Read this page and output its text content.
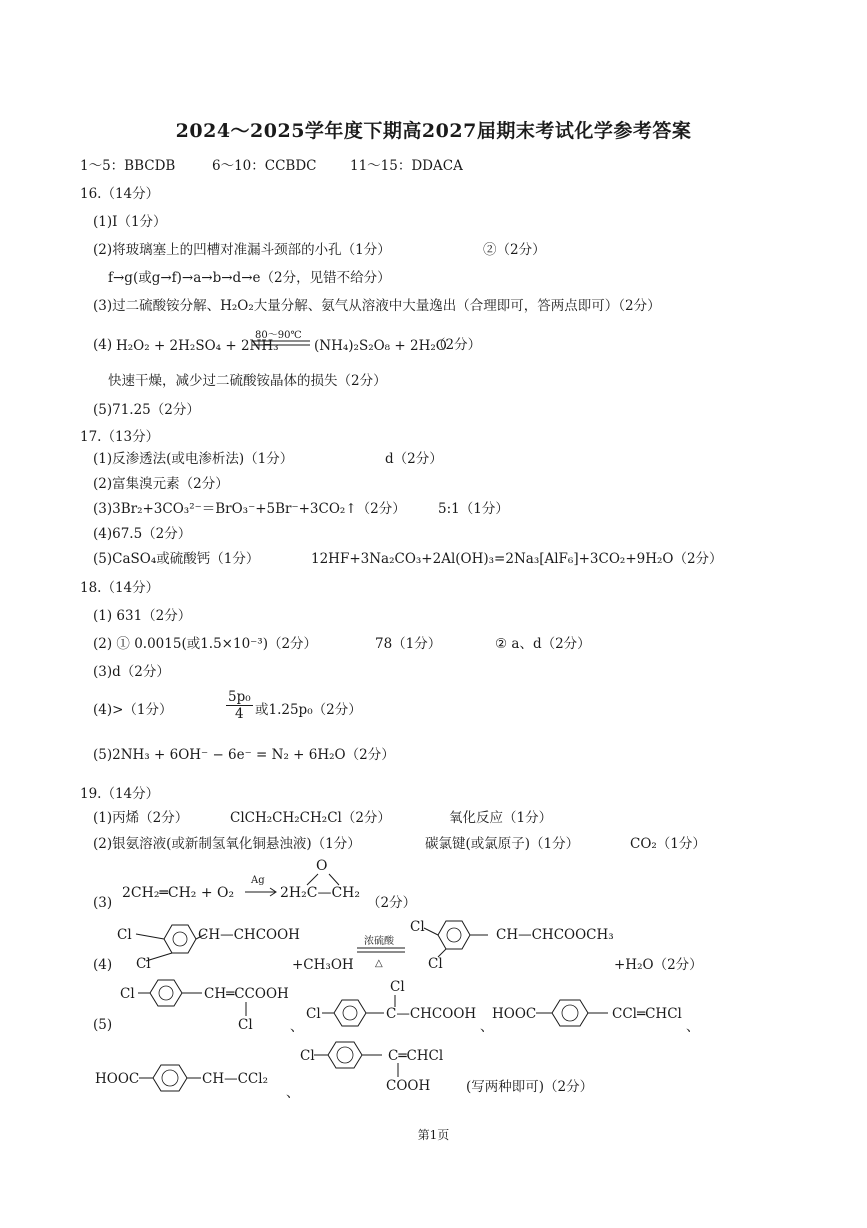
2024～2025学年度下期高2027届期末考试化学参考答案
1～5：BBCDB	6～10：CCBDC 11～15：DDACA
16.（14分）
(1)Ⅰ（1分）
(2)将玻璃塞上的凹槽对准漏斗颈部的小孔（1分）	②（2分）
f→g(或g→f)→a→b→d→e（2分，见错不给分）
(3)过二硫酸铵分解、H₂O₂大量分解、氨气从溶液中大量逸出（合理即可，答两点即可）（2分）
(4) H₂O₂ + 2H₂SO₄ + 2NH₃
80～90℃
(NH₄)₂S₂O₈ + 2H₂O
（2分）
快速干燥，减少过二硫酸铵晶体的损失（2分）
(5)71.25（2分）
17.（13分）
(1)反渗透法(或电渗析法)（1分）	d（2分）
(2)富集溴元素（2分）
(3)3Br₂+3CO₃²⁻＝BrO₃⁻+5Br⁻+3CO₂↑（2分） 5:1（1分）
(4)67.5（2分）
(5)CaSO₄或硫酸钙（1分）	12HF+3Na₂CO₃+2Al(OH)₃=2Na₃[AlF₆]+3CO₂+9H₂O（2分）
18.（14分）
(1) 631（2分）
(2) ① 0.0015(或1.5×10⁻³)（2分）	78（1分）	② a、d（2分）
(3)d（2分）
(4)>（1分）	$\frac{\text{5p₀}}{4}$ 或1.25p₀（2分）
(5)2NH₃ + 6OH⁻ − 6e⁻ = N₂ + 6H₂O（2分）
19.（14分）
(1)丙烯（2分）	ClCH₂CH₂CH₂Cl（2分）	氧化反应（1分）
(2)银氨溶液(或新制氢氧化铜悬浊液)（1分）	碳氯键(或氯原子)（1分）	CO₂（1分）
(3)
2CH₂═CH₂ + O₂
Ag
→ 2H₂C—CH₂
O
（2分）
(4)
Cl
Cl
CH—CHCOOH
+CH₃OH
浓硫酸
△
Cl
Cl
CH—CHCOOCH₃
+H₂O（2分）
(5)
Cl	CH═CCOOH
Cl	、
Cl
Cl	C—CHCOOH
、
HOOC	CCl═CHCl
、
HOOC	CH—CCl₂
、
Cl	C═CHCl
COOH	(写两种即可)（2分）
第1页
